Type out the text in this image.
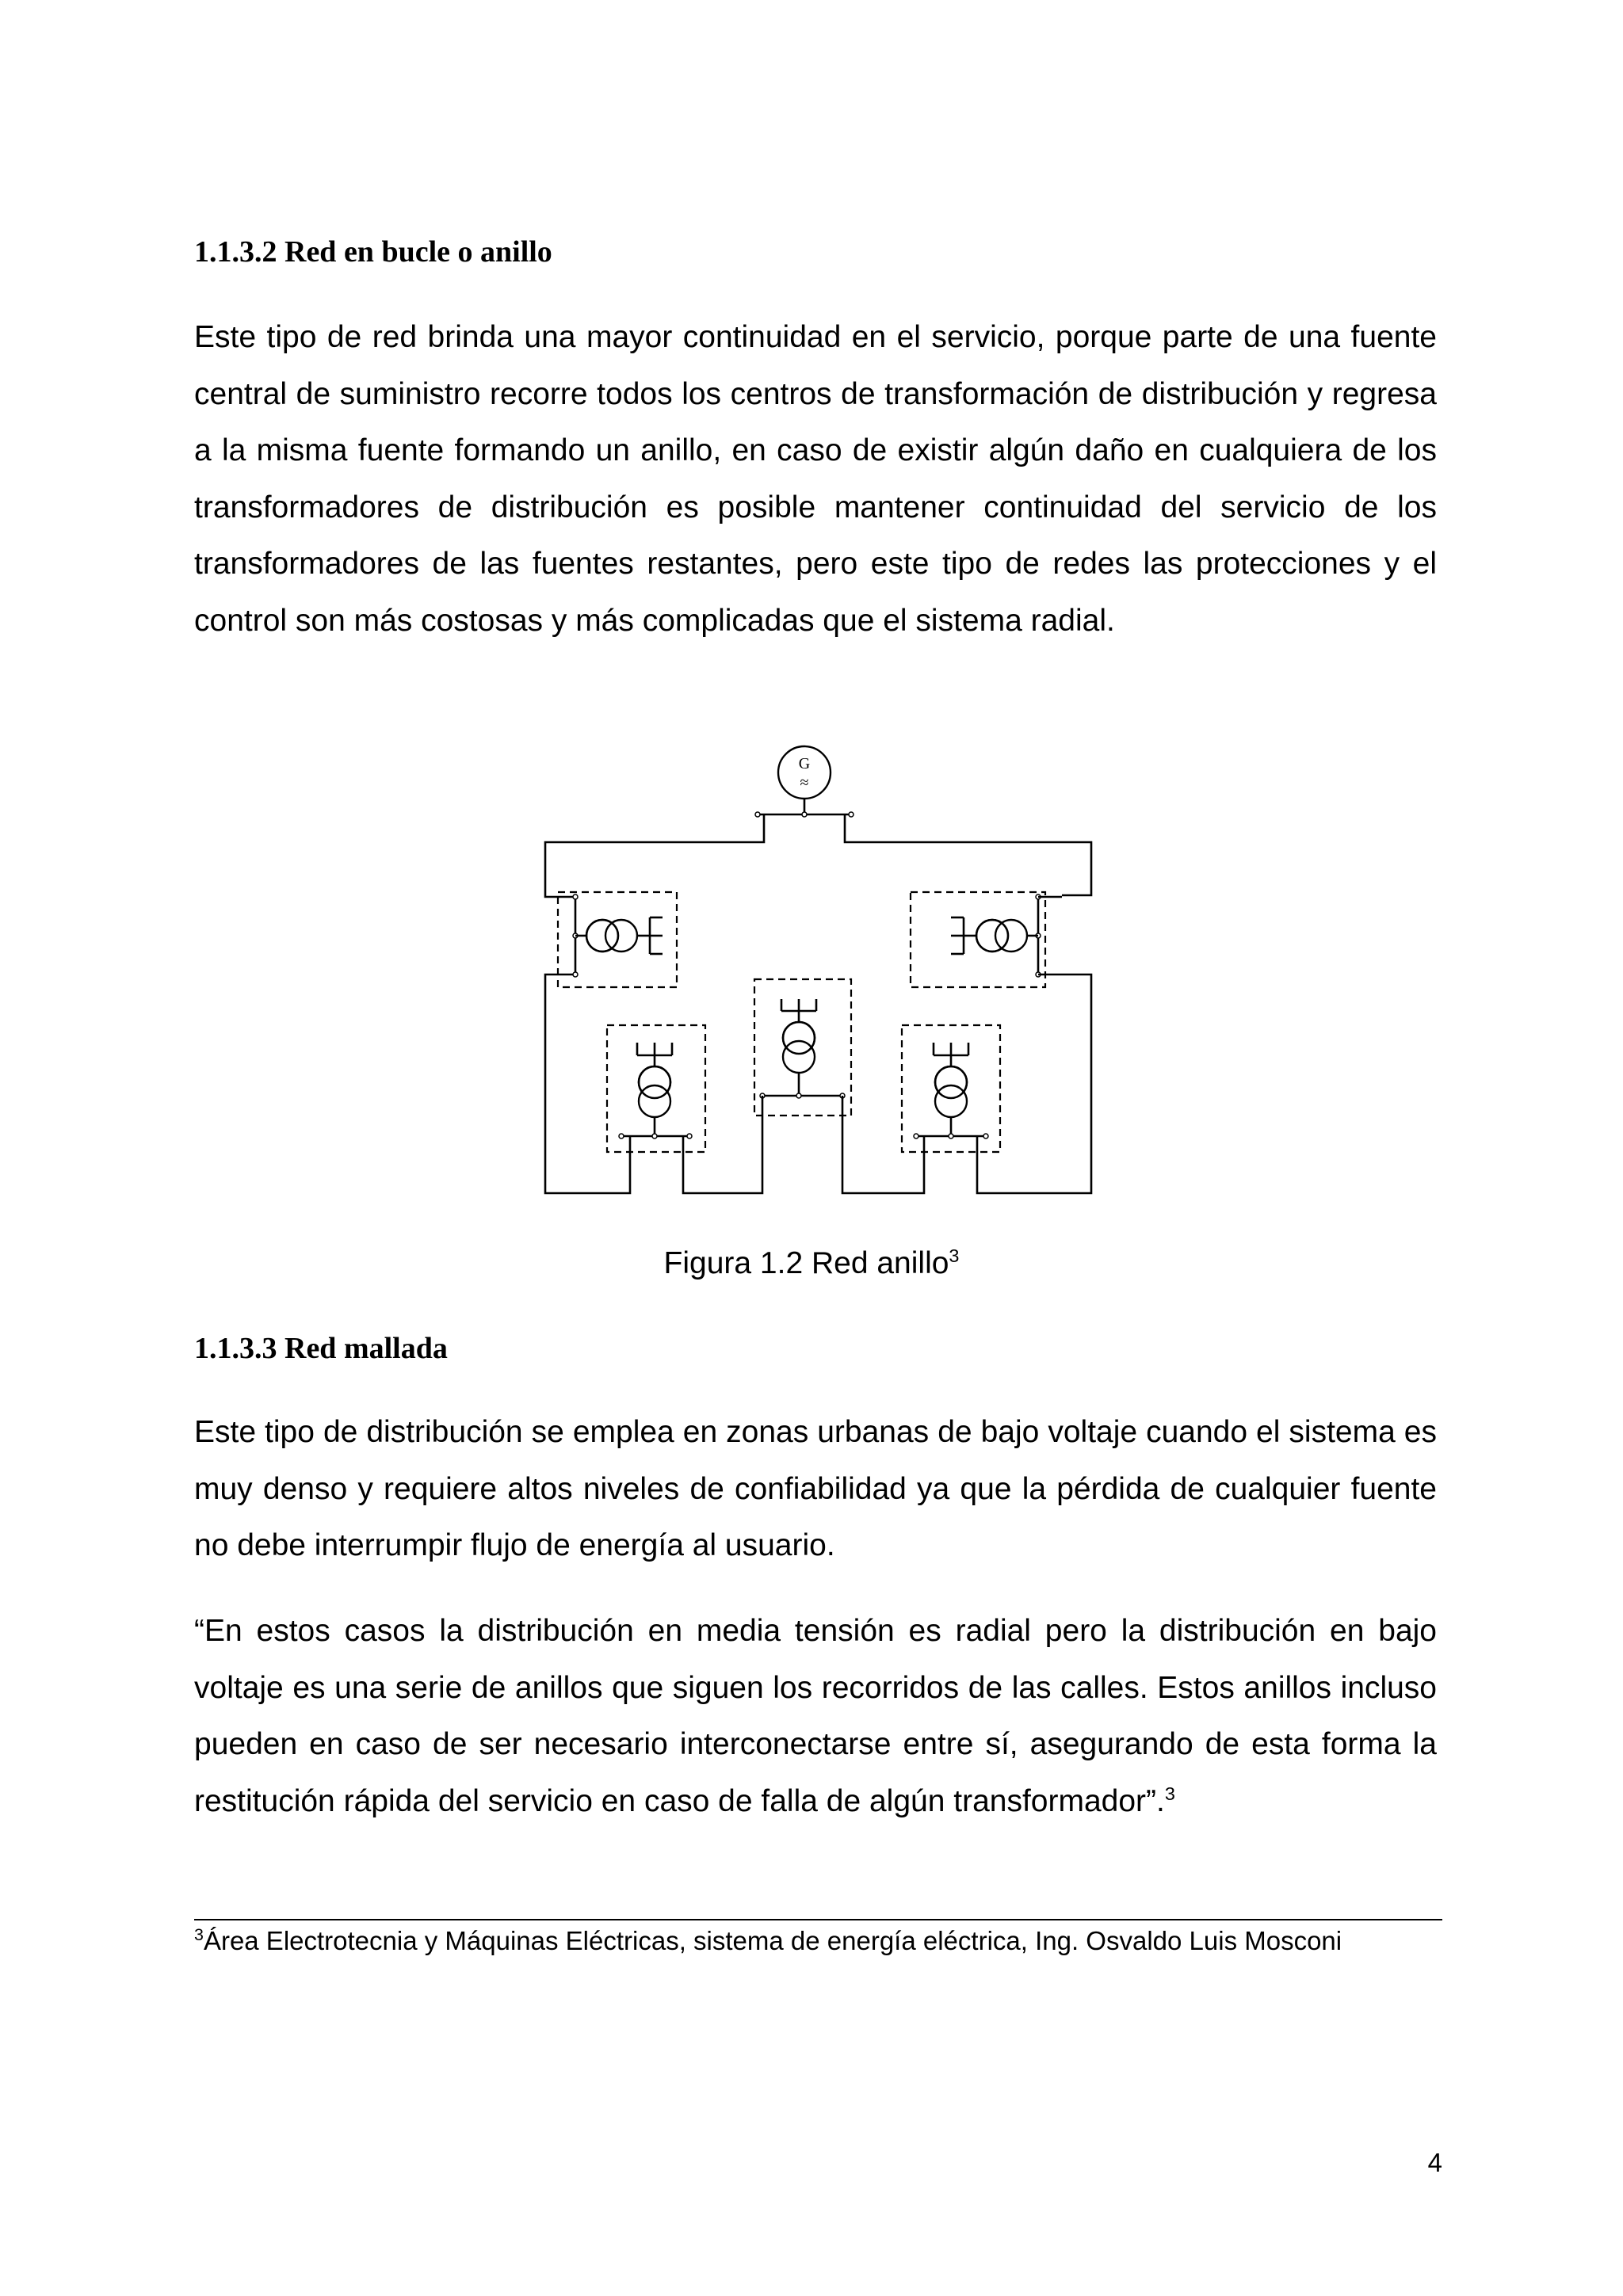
1.1.3.2 Red en bucle o anillo

Este tipo de red brinda una mayor continuidad en el servicio, porque parte de una fuente central de suministro recorre todos los centros de transformación de distribución y regresa a la misma fuente formando un anillo, en caso de existir algún daño en cualquiera de los transformadores de distribución es posible mantener continuidad del servicio de los transformadores de las fuentes restantes, pero este tipo de redes las protecciones y el control son más costosas y más complicadas que el sistema radial.

G
≈
Figura 1.2 Red anillo$^3$
1.1.3.3 Red mallada

Este tipo de distribución se emplea en zonas urbanas de bajo voltaje cuando el sistema es muy denso y requiere altos niveles de confiabilidad ya que la pérdida de cualquier fuente no debe interrumpir flujo de energía al usuario.

“En estos casos la distribución en media tensión es radial pero la distribución en bajo voltaje es una serie de anillos que siguen los recorridos de las calles. Estos anillos incluso pueden en caso de ser necesario interconectarse entre sí, asegurando de esta forma la restitución rápida del servicio en caso de falla de algún transformador”.$^3$

$^3$Área Electrotecnia y Máquinas Eléctricas, sistema de energía eléctrica, Ing. Osvaldo Luis Mosconi
4
